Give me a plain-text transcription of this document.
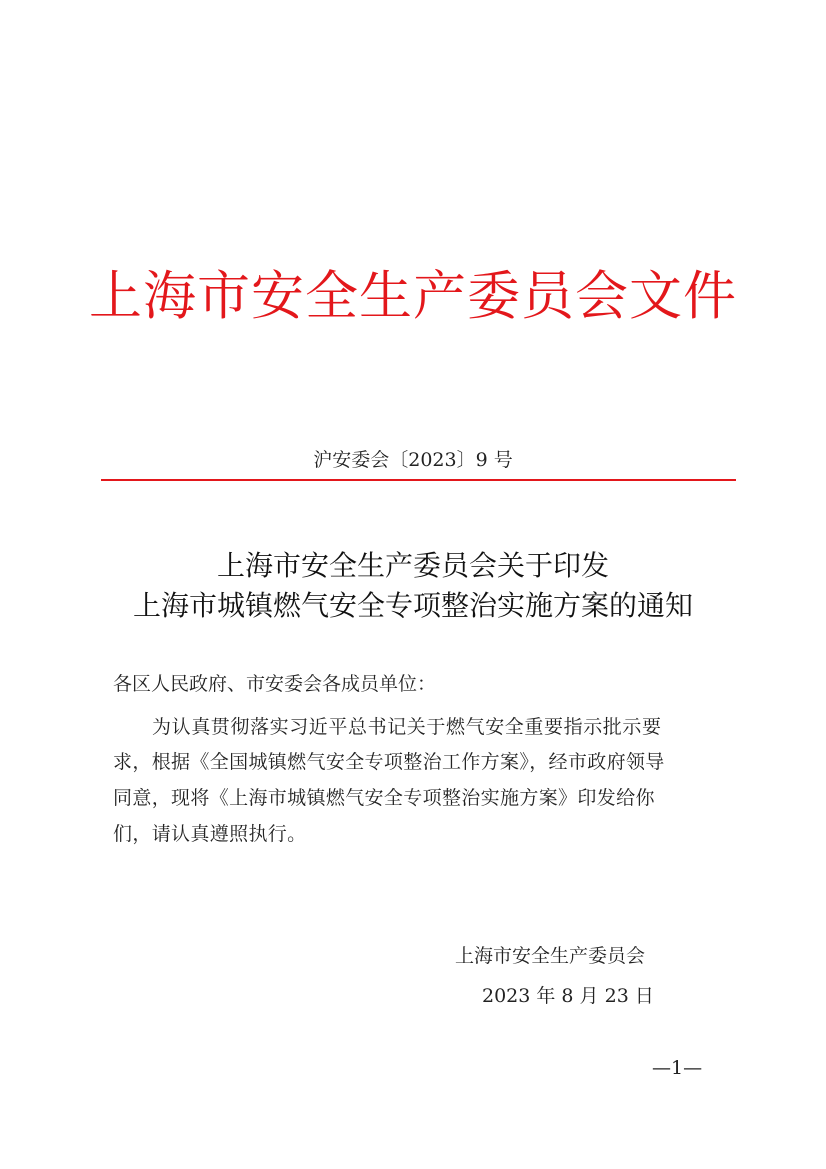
上海市安全生产委员会文件
沪安委会〔2023〕9 号
上海市安全生产委员会关于印发
上海市城镇燃气安全专项整治实施方案的通知
各区人民政府、市安委会各成员单位：
为认真贯彻落实习近平总书记关于燃气安全重要指示批示要
求，根据《全国城镇燃气安全专项整治工作方案》，经市政府领导
同意，现将《上海市城镇燃气安全专项整治实施方案》印发给你
们，请认真遵照执行。
上海市安全生产委员会
2023 年 8 月 23 日
—1—
